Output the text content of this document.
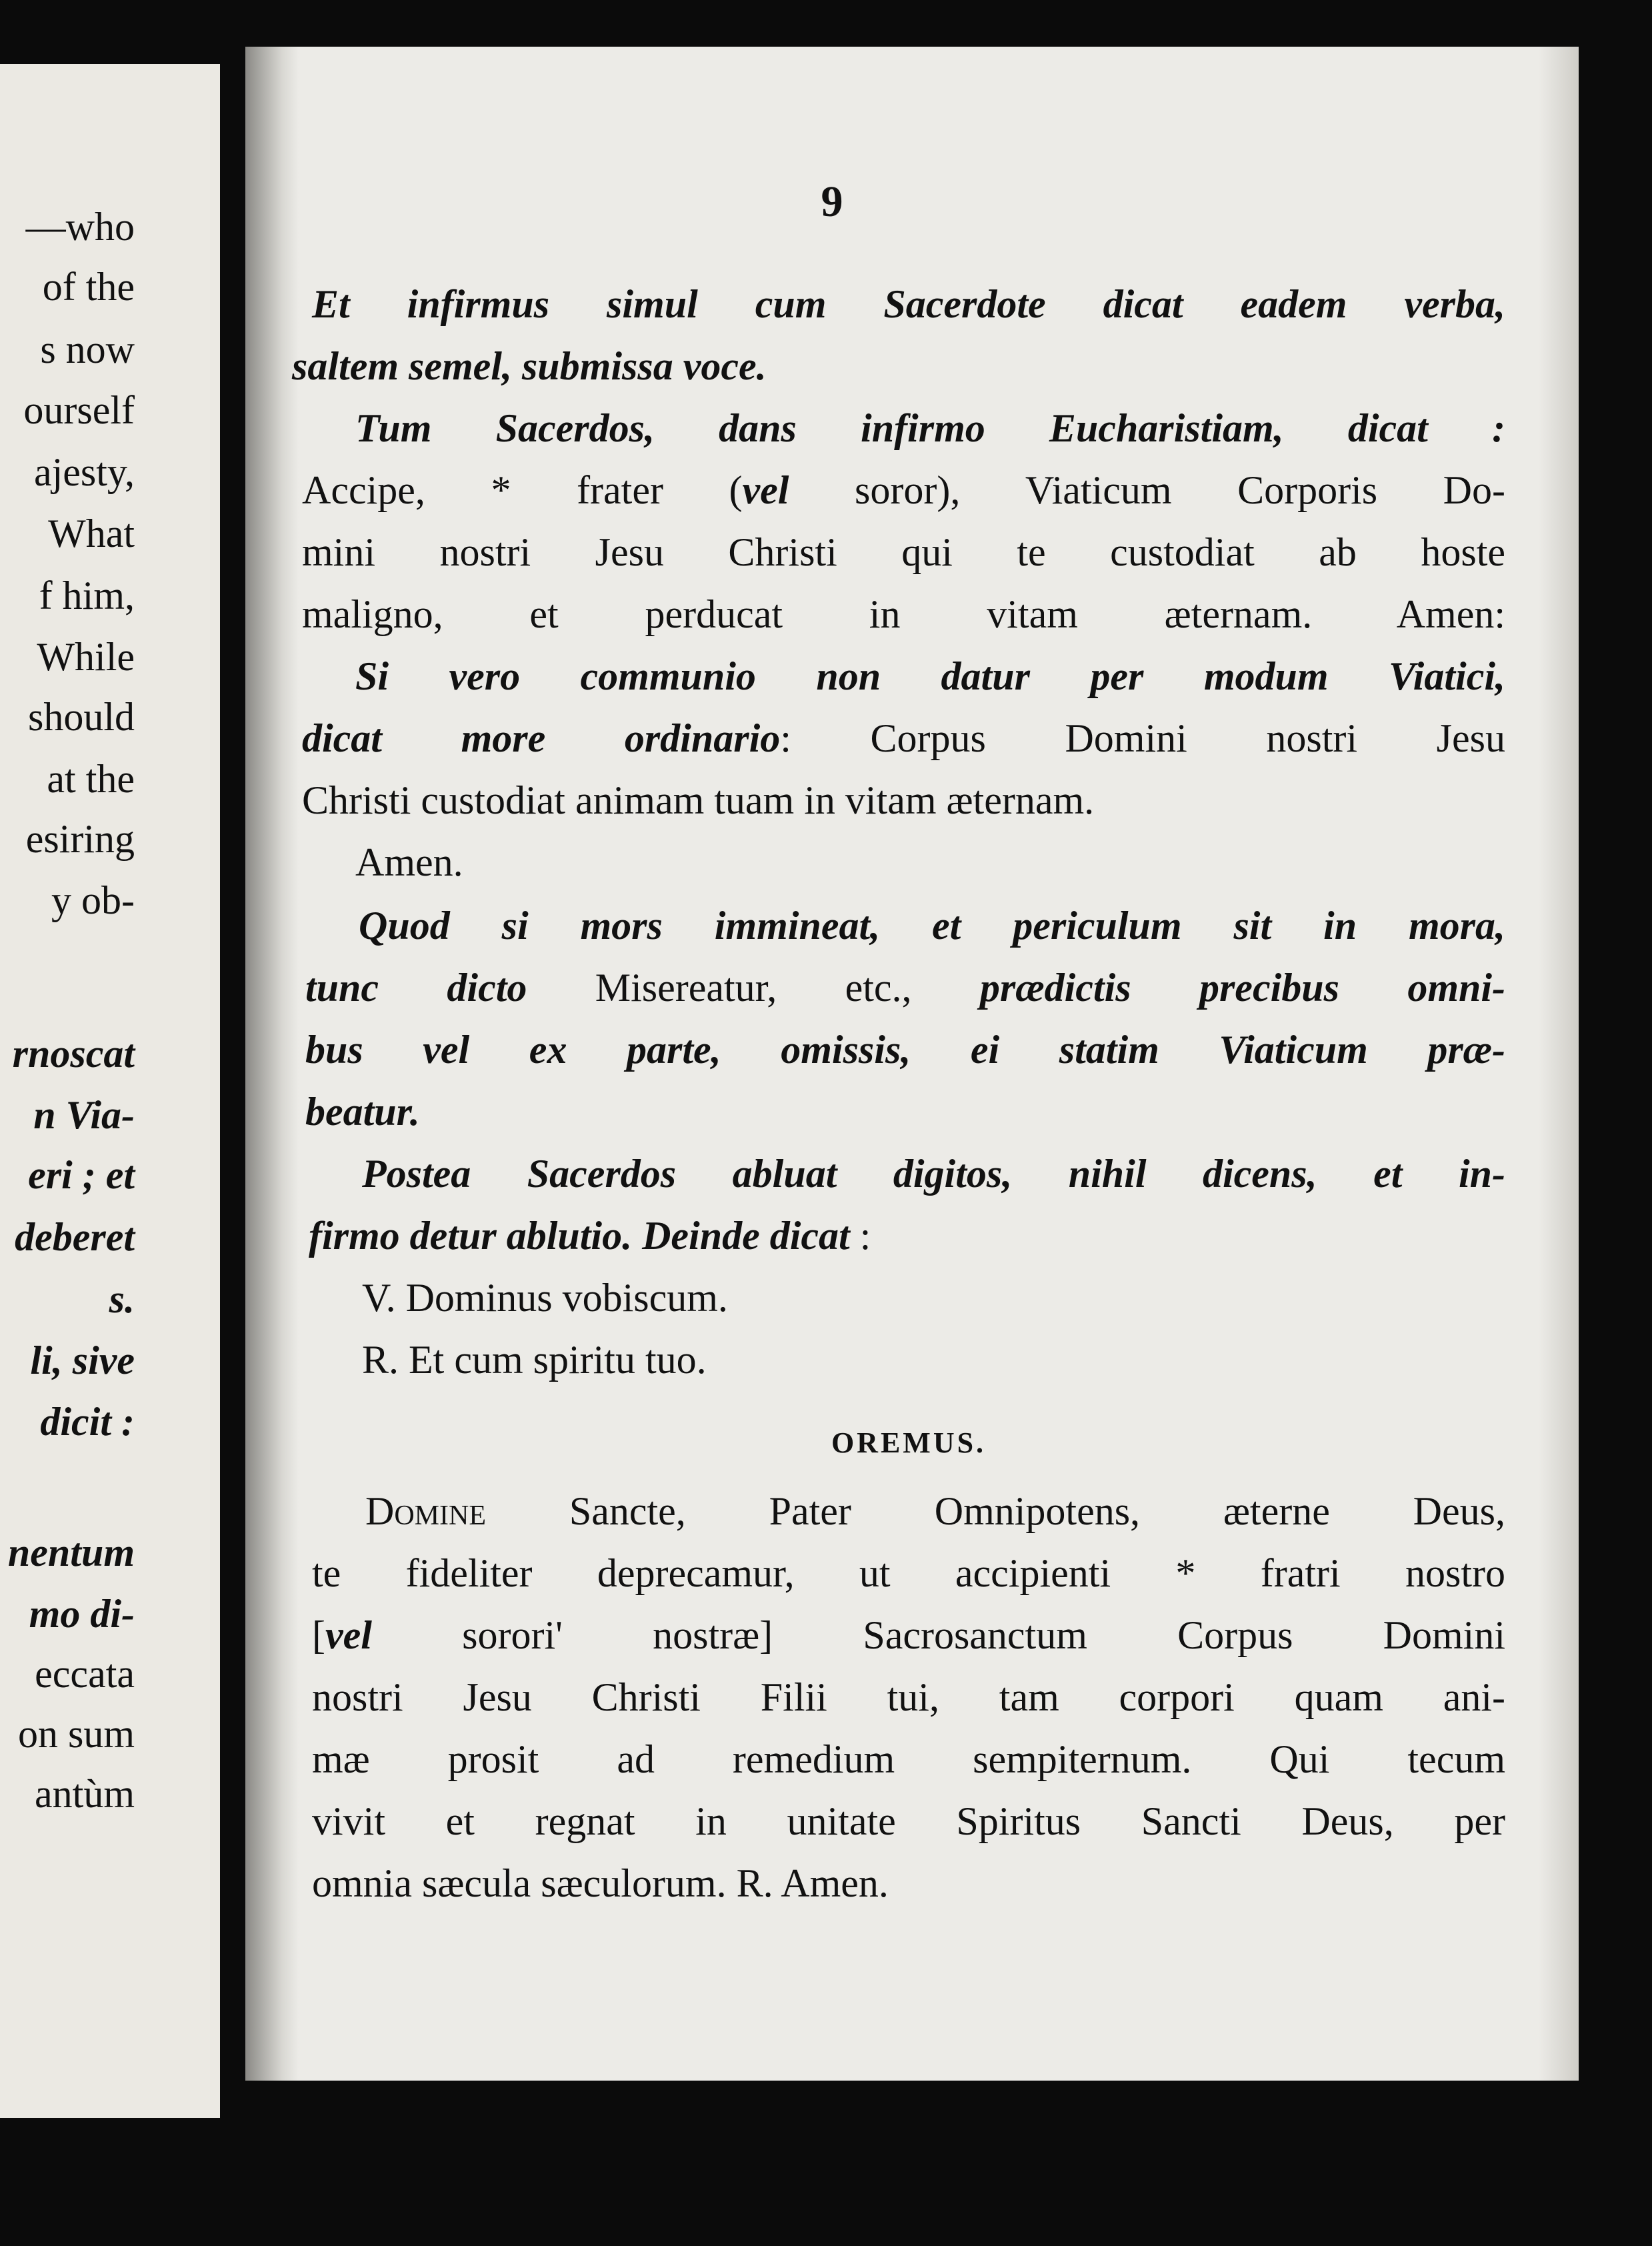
—who
of the
s now
ourself
ajesty,
What
f him,
While
should
at the
esiring
y ob-
rnoscat
n Via-
eri ; et
deberet
s.
li, sive
dicit :
nentum
mo di-
eccata
on sum
antùm
9
Et infirmus simul cum Sacerdote dicat eadem verba,
saltem semel, submissa voce.
Tum Sacerdos, dans infirmo Eucharistiam, dicat :
Accipe, * frater (vel soror), Viaticum Corporis Do-
mini nostri Jesu Christi qui te custodiat ab hoste
maligno, et perducat in vitam æternam. Amen:
Si vero communio non datur per modum Viatici,
dicat more ordinario: Corpus Domini nostri Jesu
Christi custodiat animam tuam in vitam æternam.
Amen.
Quod si mors immineat, et periculum sit in mora,
tunc dicto Misereatur, etc., prædictis precibus omni-
bus vel ex parte, omissis, ei statim Viaticum præ-
beatur.
Postea Sacerdos abluat digitos, nihil dicens, et in-
firmo detur ablutio. Deinde dicat :
V. Dominus vobiscum.
R. Et cum spiritu tuo.
OREMUS.
Domine Sancte, Pater Omnipotens, æterne Deus,
te fideliter deprecamur, ut accipienti * fratri nostro
[vel sorori' nostræ] Sacrosanctum Corpus Domini
nostri Jesu Christi Filii tui, tam corpori quam ani-
mæ prosit ad remedium sempiternum. Qui tecum
vivit et regnat in unitate Spiritus Sancti Deus, per
omnia sæcula sæculorum. R. Amen.
